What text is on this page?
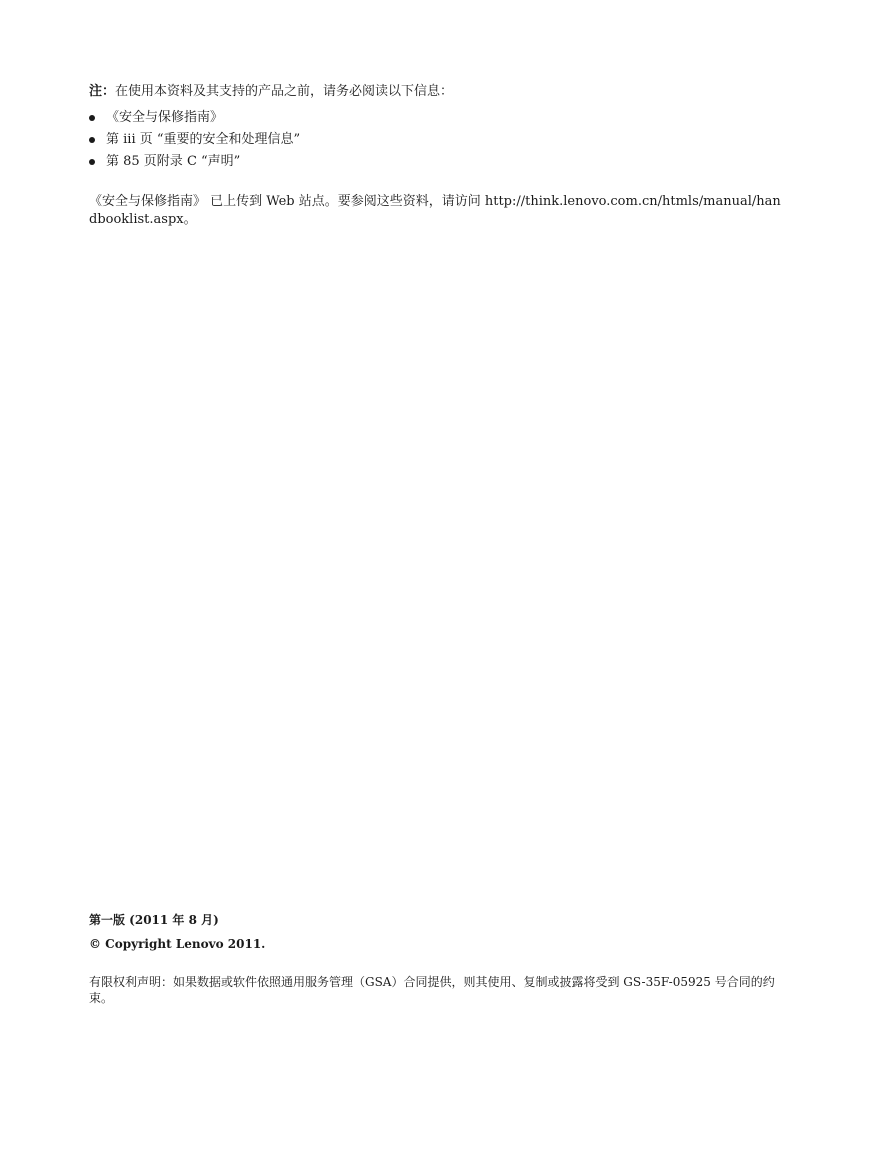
注：在使用本资料及其支持的产品之前，请务必阅读以下信息：
《安全与保修指南》
第 iii 页 “重要的安全和处理信息”
第 85 页附录 C “声明”
《安全与保修指南》 已上传到 Web 站点。要参阅这些资料，请访问 http://think.lenovo.com.cn/htmls/manual/handbooklist.aspx。
第一版 (2011 年 8 月)
© Copyright Lenovo 2011.
有限权利声明：如果数据或软件依照通用服务管理（GSA）合同提供，则其使用、复制或披露将受到 GS-35F-05925 号合同的约束。
